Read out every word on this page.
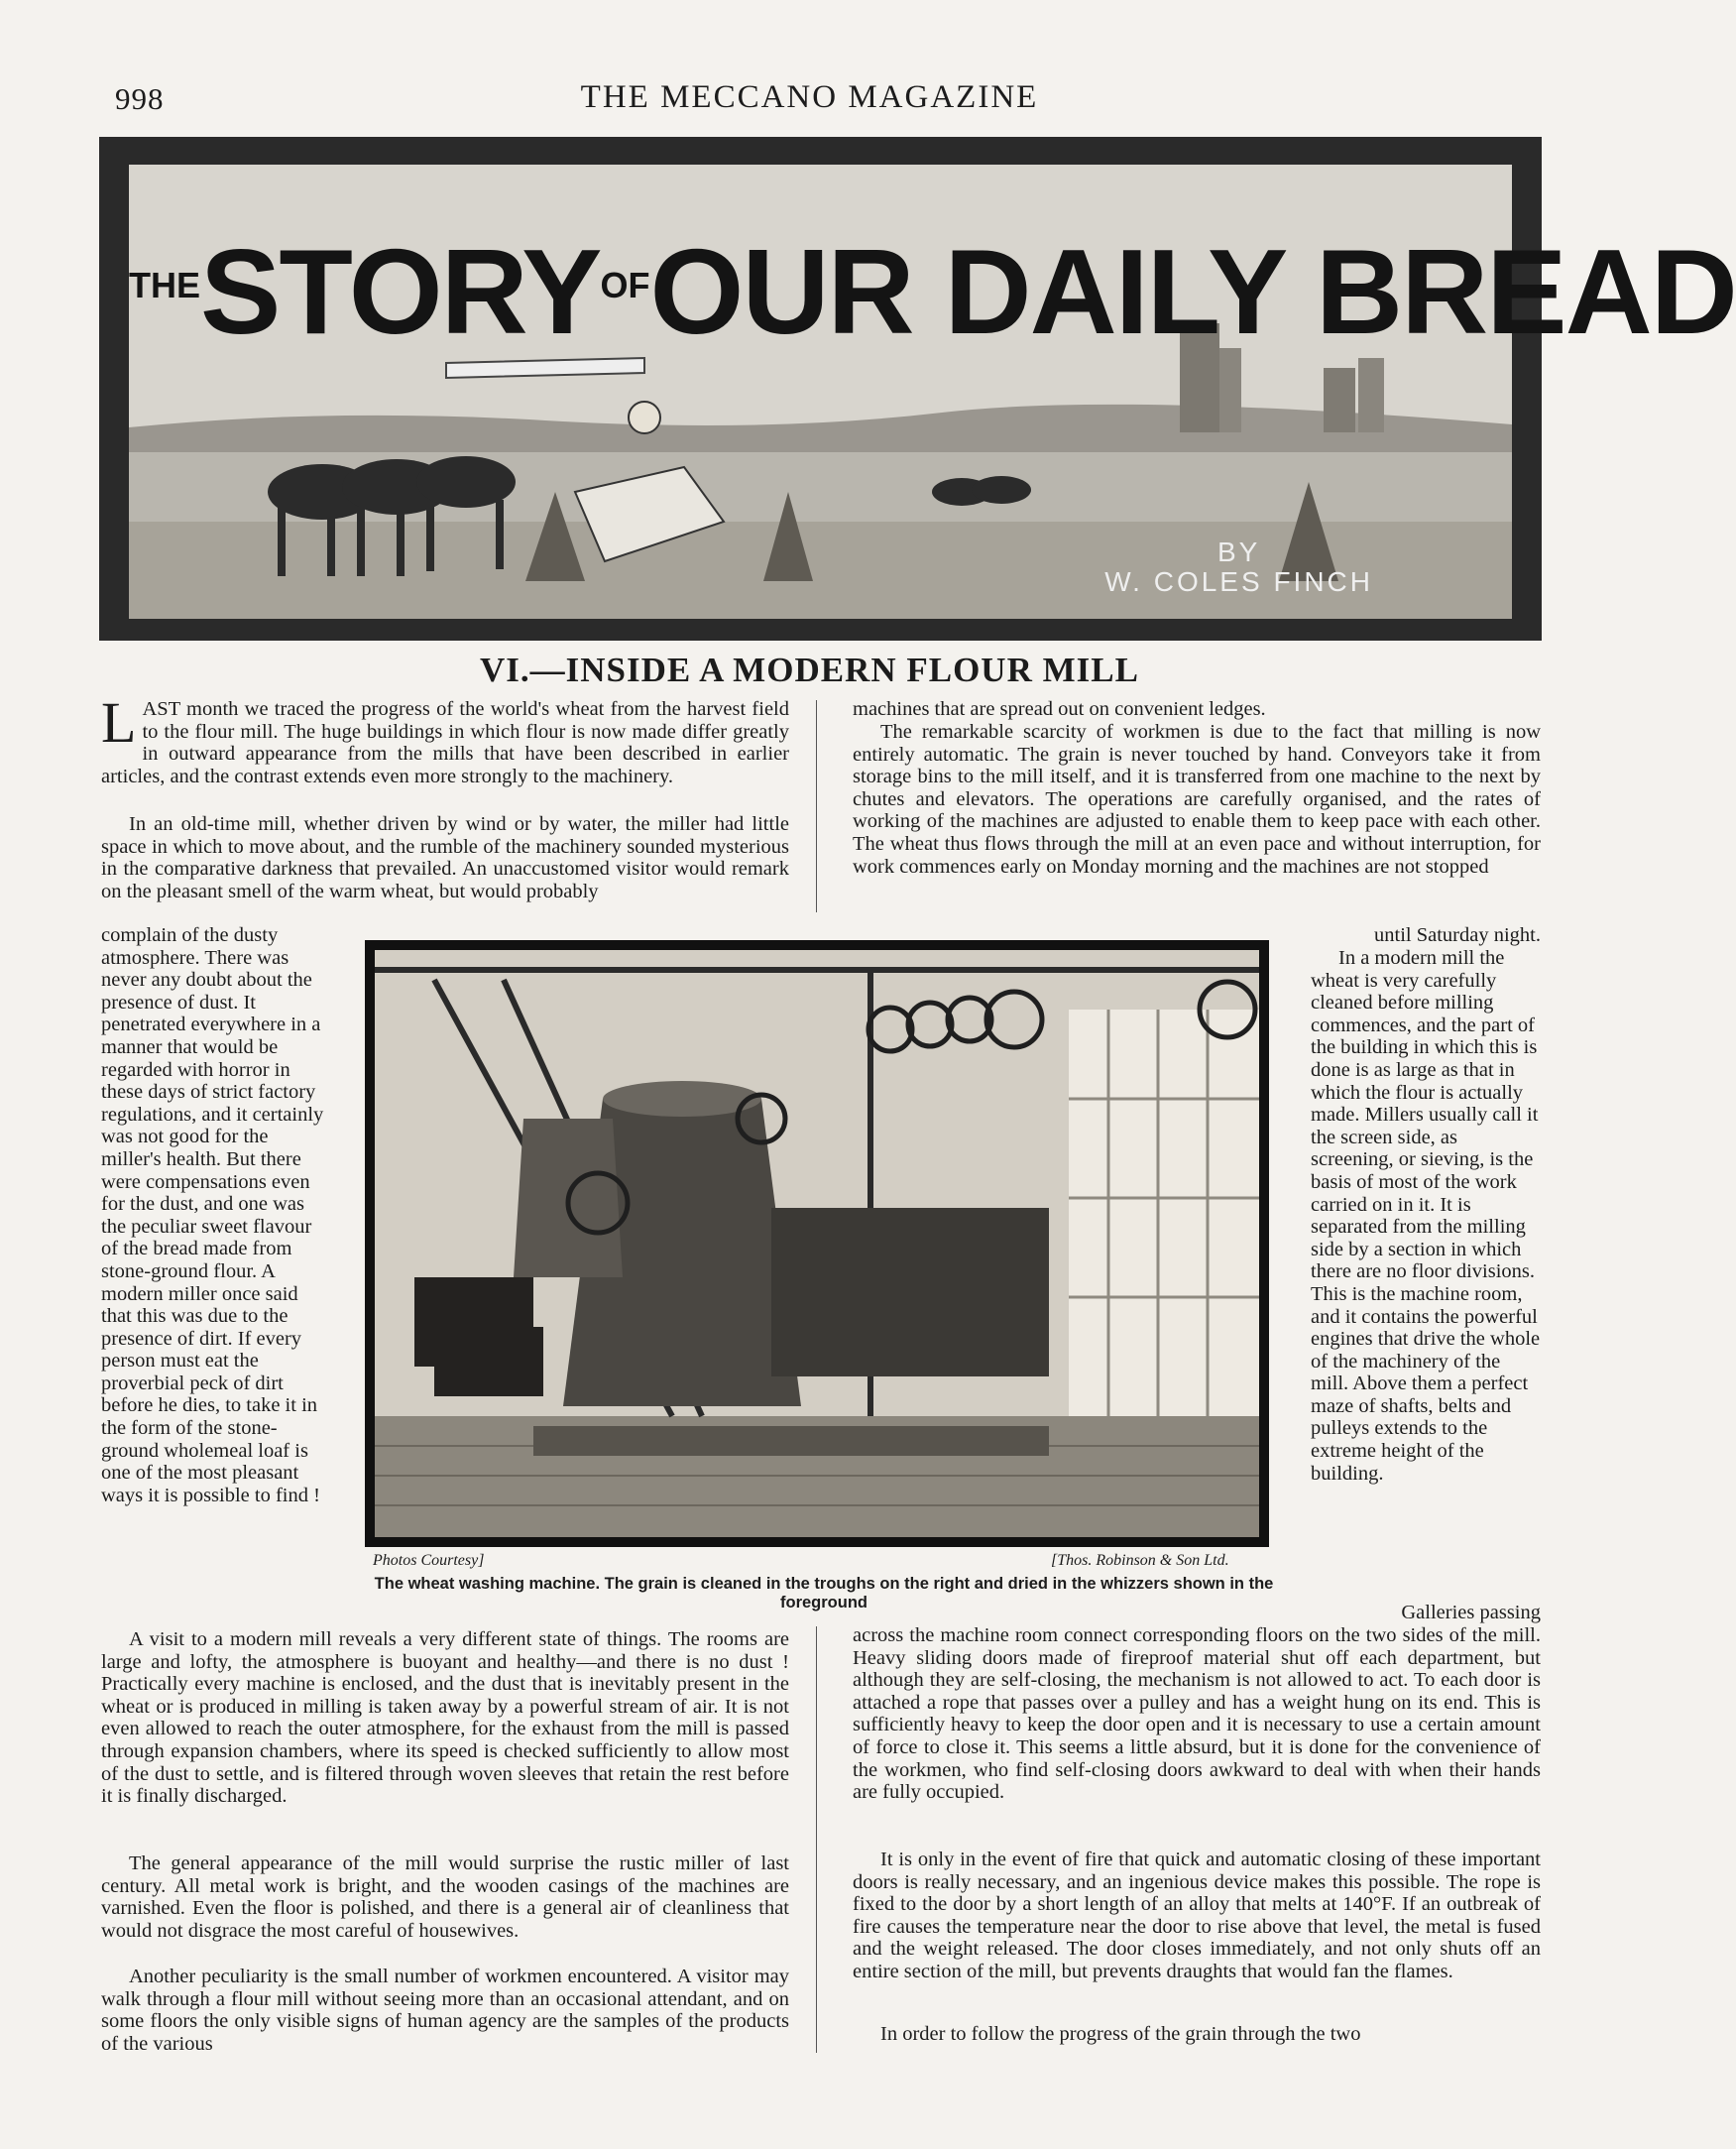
998	THE MECCANO MAGAZINE
THESTORYOFOUR DAILY BREAD
BY
W. COLES FINCH
VI.—INSIDE A MODERN FLOUR MILL

LAST month we traced the progress of the world's wheat from the harvest field to the flour mill. The huge buildings in which flour is now made differ greatly in outward appearance from the mills that have been described in earlier articles, and the contrast extends even more strongly to the machinery.

In an old-time mill, whether driven by wind or by water, the miller had little space in which to move about, and the rumble of the machinery sounded mysterious in the comparative darkness that prevailed. An unaccustomed visitor would remark on the pleasant smell of the warm wheat, but would probably

complain of the dusty atmosphere. There was never any doubt about the presence of dust. It penetrated everywhere in a manner that would be regarded with horror in these days of strict factory regulations, and it certainly was not good for the miller's health. But there were compensations even for the dust, and one was the peculiar sweet flavour of the bread made from stone-ground flour. A modern miller once said that this was due to the presence of dirt. If every person must eat the proverbial peck of dirt before he dies, to take it in the form of the stone-ground wholemeal loaf is one of the most pleasant ways it is possible to find !

A visit to a modern mill reveals a very different state of things. The rooms are large and lofty, the atmosphere is buoyant and healthy—and there is no dust ! Practically every machine is enclosed, and the dust that is inevitably present in the wheat or is produced in milling is taken away by a powerful stream of air. It is not even allowed to reach the outer atmosphere, for the exhaust from the mill is passed through expansion chambers, where its speed is checked sufficiently to allow most of the dust to settle, and is filtered through woven sleeves that retain the rest before it is finally discharged.

The general appearance of the mill would surprise the rustic miller of last century. All metal work is bright, and the wooden casings of the machines are varnished. Even the floor is polished, and there is a general air of cleanliness that would not disgrace the most careful of housewives.

Another peculiarity is the small number of workmen encountered. A visitor may walk through a flour mill without seeing more than an occasional attendant, and on some floors the only visible signs of human agency are the samples of the products of the various

machines that are spread out on convenient ledges.

The remarkable scarcity of workmen is due to the fact that milling is now entirely automatic. The grain is never touched by hand. Conveyors take it from storage bins to the mill itself, and it is transferred from one machine to the next by chutes and elevators. The operations are carefully organised, and the rates of working of the machines are adjusted to enable them to keep pace with each other. The wheat thus flows through the mill at an even pace and without interruption, for work commences early on Monday morning and the machines are not stopped

until Saturday night.

In a modern mill the wheat is very carefully cleaned before milling commences, and the part of the building in which this is done is as large as that in which the flour is actually made. Millers usually call it the screen side, as screening, or sieving, is the basis of most of the work carried on in it. It is separated from the milling side by a section in which there are no floor divisions. This is the machine room, and it contains the powerful engines that drive the whole of the machinery of the mill. Above them a perfect maze of shafts, belts and pulleys extends to the extreme height of the building.

Galleries passing

across the machine room connect corresponding floors on the two sides of the mill. Heavy sliding doors made of fireproof material shut off each department, but although they are self-closing, the mechanism is not allowed to act. To each door is attached a rope that passes over a pulley and has a weight hung on its end. This is sufficiently heavy to keep the door open and it is necessary to use a certain amount of force to close it. This seems a little absurd, but it is done for the convenience of the workmen, who find self-closing doors awkward to deal with when their hands are fully occupied.

It is only in the event of fire that quick and automatic closing of these important doors is really necessary, and an ingenious device makes this possible. The rope is fixed to the door by a short length of an alloy that melts at 140°F. If an outbreak of fire causes the temperature near the door to rise above that level, the metal is fused and the weight released. The door closes immediately, and not only shuts off an entire section of the mill, but prevents draughts that would fan the flames.

In order to follow the progress of the grain through the two

Photos Courtesy]	[Thos. Robinson & Son Ltd.
The wheat washing machine. The grain is cleaned in the troughs on the right and dried in the whizzers shown in the foreground
